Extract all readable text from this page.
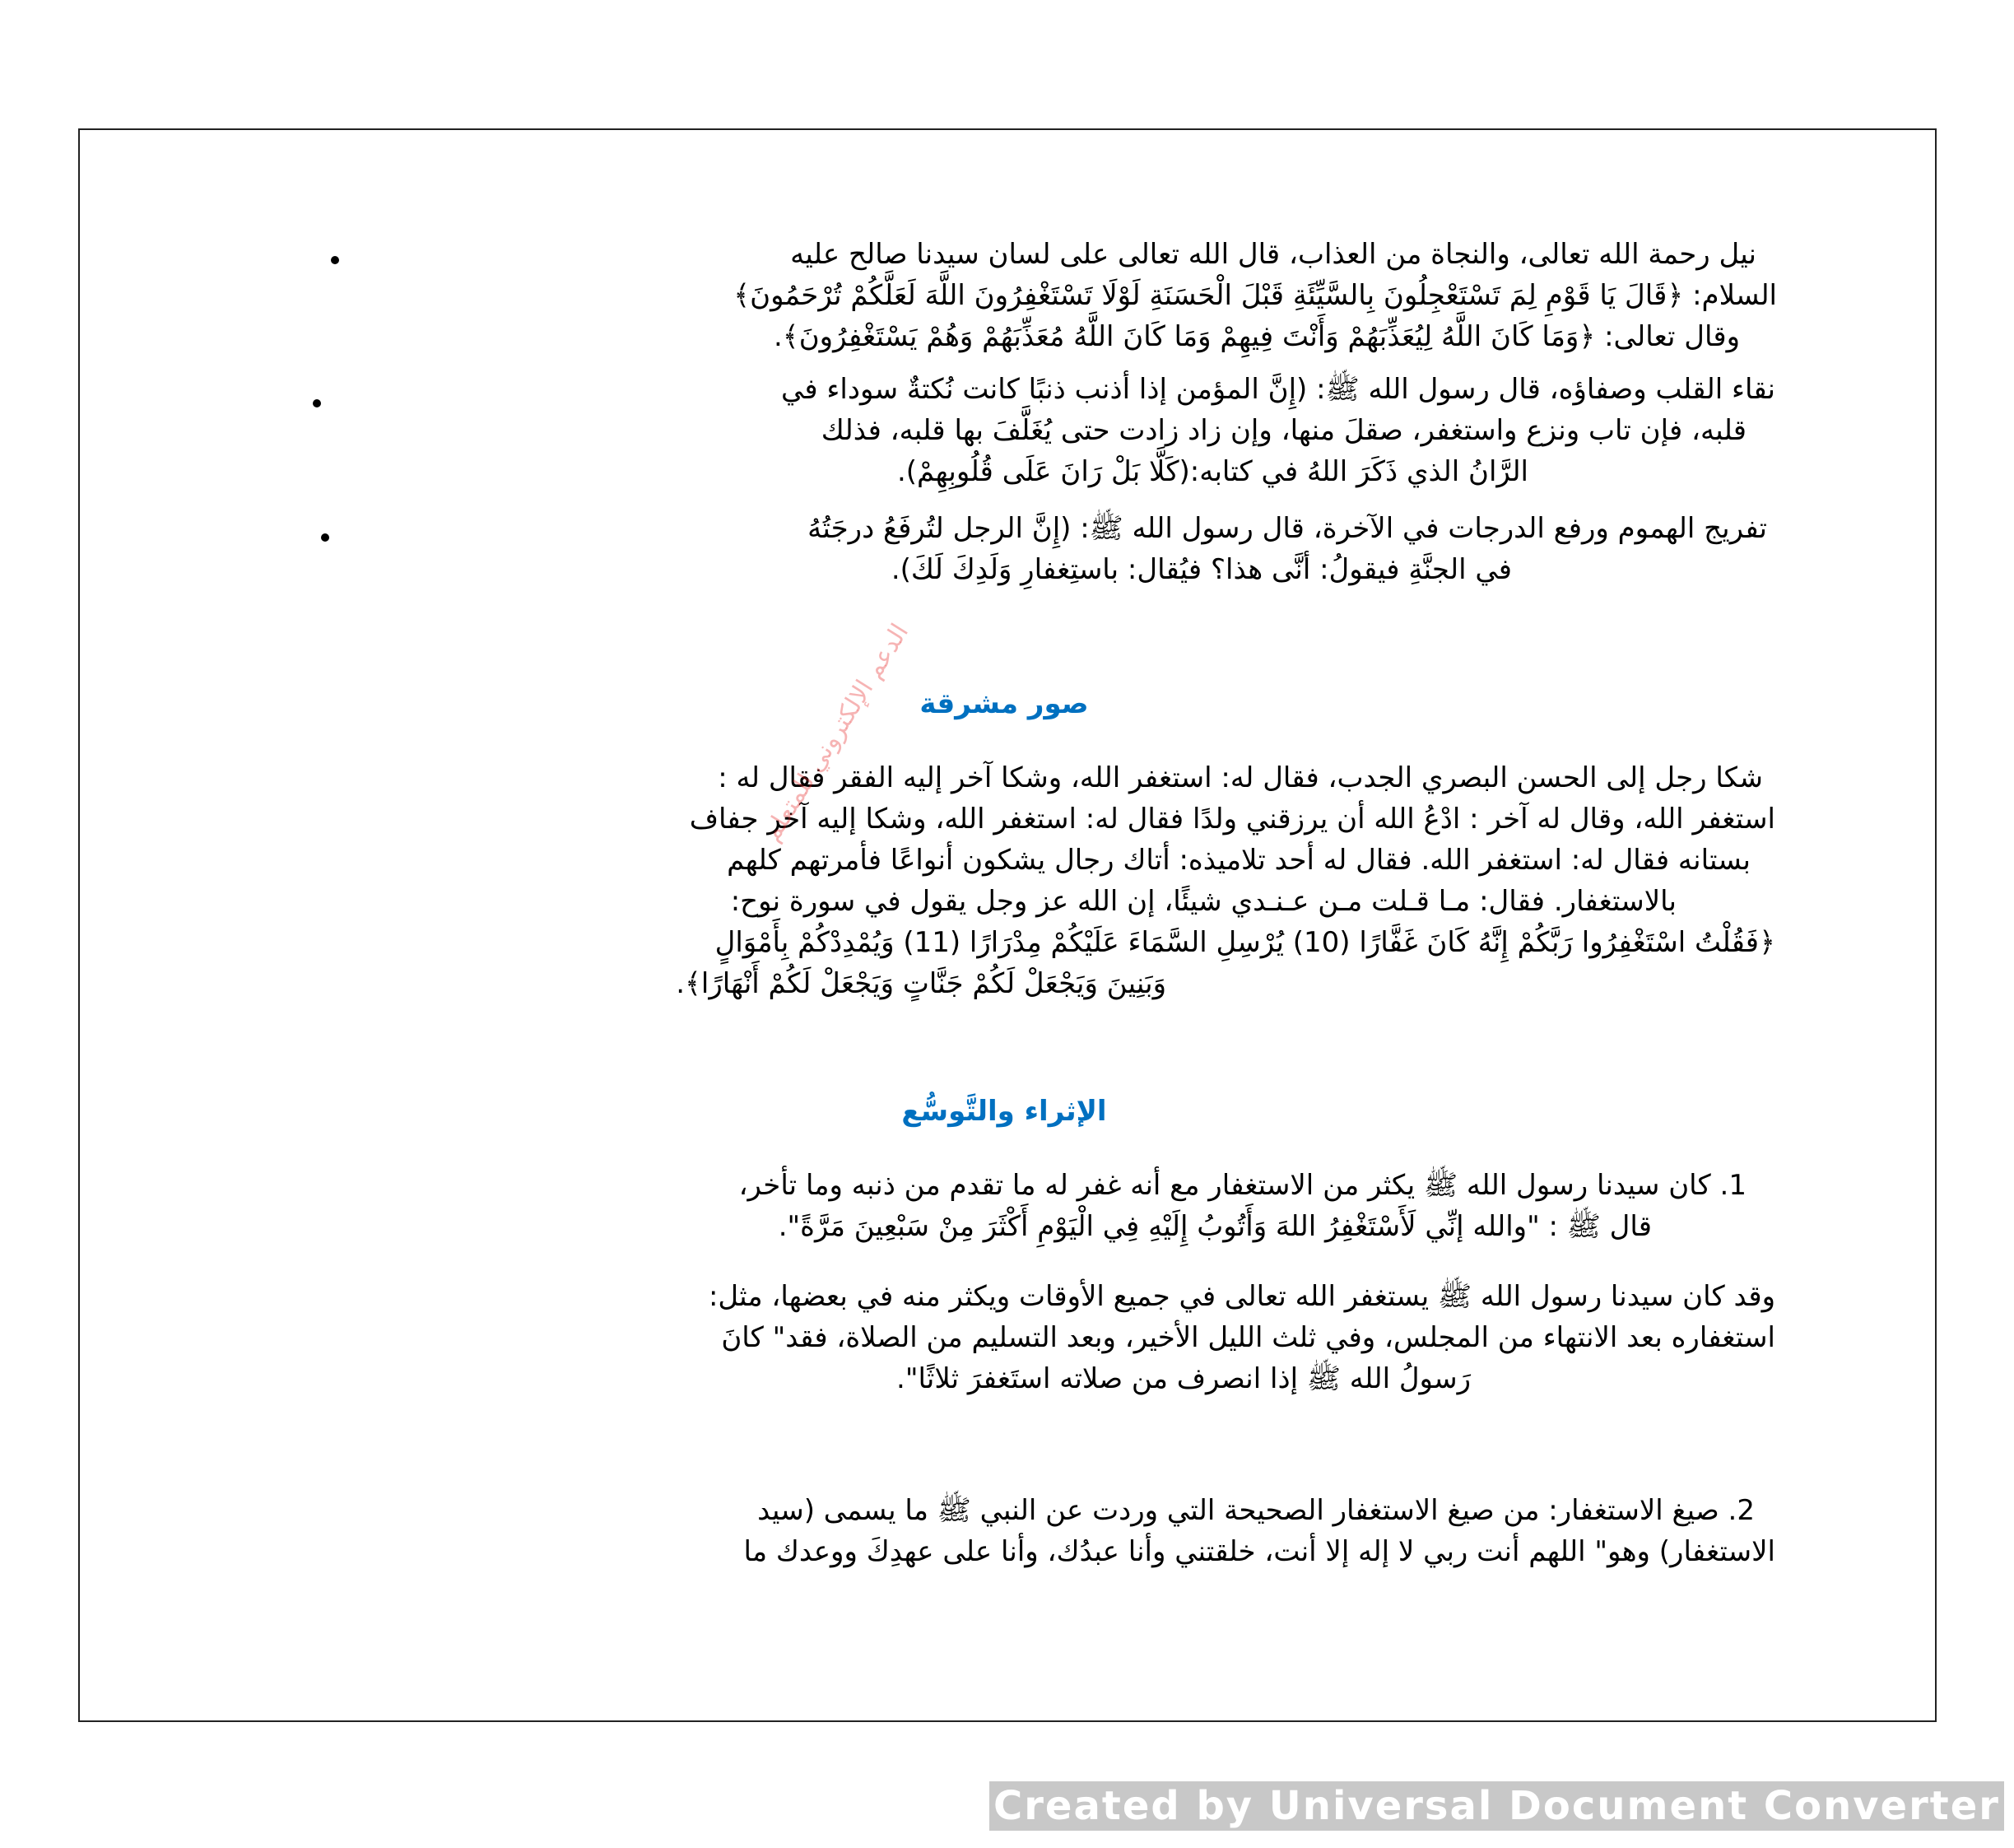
نيل رحمة الله تعالى، والنجاة من العذاب، قال الله تعالى على لسان سيدنا صالح عليه
السلام: ﴿قَالَ يَا قَوْمِ لِمَ تَسْتَعْجِلُونَ بِالسَّيِّئَةِ قَبْلَ الْحَسَنَةِ لَوْلَا تَسْتَغْفِرُونَ اللَّهَ لَعَلَّكُمْ تُرْحَمُونَ﴾
وقال تعالى: ﴿وَمَا كَانَ اللَّهُ لِيُعَذِّبَهُمْ وَأَنْتَ فِيهِمْ وَمَا كَانَ اللَّهُ مُعَذِّبَهُمْ وَهُمْ يَسْتَغْفِرُونَ﴾.
نقاء القلب وصفاؤه، قال رسول الله ﷺ: (إِنَّ المؤمن إذا أذنب ذنبًا كانت نُكتةٌ سوداء في
قلبه، فإن تاب ونزع واستغفر، صقلَ منها، وإن زاد زادت حتى يُغَلَّفَ بها قلبه، فذلك
الرَّانُ الذي ذَكَرَ اللهُ في كتابه:(كَلَّا بَلْ رَانَ عَلَى قُلُوبِهِمْ).
تفريج الهموم ورفع الدرجات في الآخرة، قال رسول الله ﷺ: (إِنَّ الرجل لتُرفَعُ درجَتُهُ
في الجنَّةِ فيقولُ: أنَّى هذا؟ فيُقال: باستِغفارِ وَلَدِكَ لَكَ).
صور مشرقة
شكا رجل إلى الحسن البصري الجدب، فقال له: استغفر الله، وشكا آخر إليه الفقر فقال له :
استغفر الله، وقال له آخر : ادْعُ الله أن يرزقني ولدًا فقال له: استغفر الله، وشكا إليه آخر جفاف
بستانه فقال له: استغفر الله. فقال له أحد تلاميذه: أتاك رجال يشكون أنواعًا فأمرتهم كلهم
بالاستغفار. فقال: مـا قـلت مـن عـنـدي شيئًا، إن الله عز وجل يقول في سورة نوح:
﴿فَقُلْتُ اسْتَغْفِرُوا رَبَّكُمْ إِنَّهُ كَانَ غَفَّارًا (10) يُرْسِلِ السَّمَاءَ عَلَيْكُمْ مِدْرَارًا (11) وَيُمْدِدْكُمْ بِأَمْوَالٍ
وَبَنِينَ وَيَجْعَلْ لَكُمْ جَنَّاتٍ وَيَجْعَلْ لَكُمْ أَنْهَارًا﴾.
الدعم الإلكتروني للمتعلم
الإثراء والتَّوسُّع
1. كان سيدنا رسول الله ﷺ يكثر من الاستغفار مع أنه غفر له ما تقدم من ذنبه وما تأخر،
قال ﷺ : "والله إنِّي لَأَسْتَغْفِرُ اللهَ وَأَتُوبُ إِلَيْهِ فِي الْيَوْمِ أَكْثَرَ مِنْ سَبْعِينَ مَرَّةً".
وقد كان سيدنا رسول الله ﷺ يستغفر الله تعالى في جميع الأوقات ويكثر منه في بعضها، مثل:
استغفاره بعد الانتهاء من المجلس، وفي ثلث الليل الأخير، وبعد التسليم من الصلاة، فقد" كانَ
رَسولُ الله ﷺ إذا انصرف من صلاته استَغفرَ ثلاثًا".
2. صيغ الاستغفار: من صيغ الاستغفار الصحيحة التي وردت عن النبي ﷺ ما يسمى (سيد
الاستغفار) وهو" اللهم أنت ربي لا إله إلا أنت، خلقتني وأنا عبدُك، وأنا على عهدِكَ ووعدك ما
Created by Universal Document Converter
